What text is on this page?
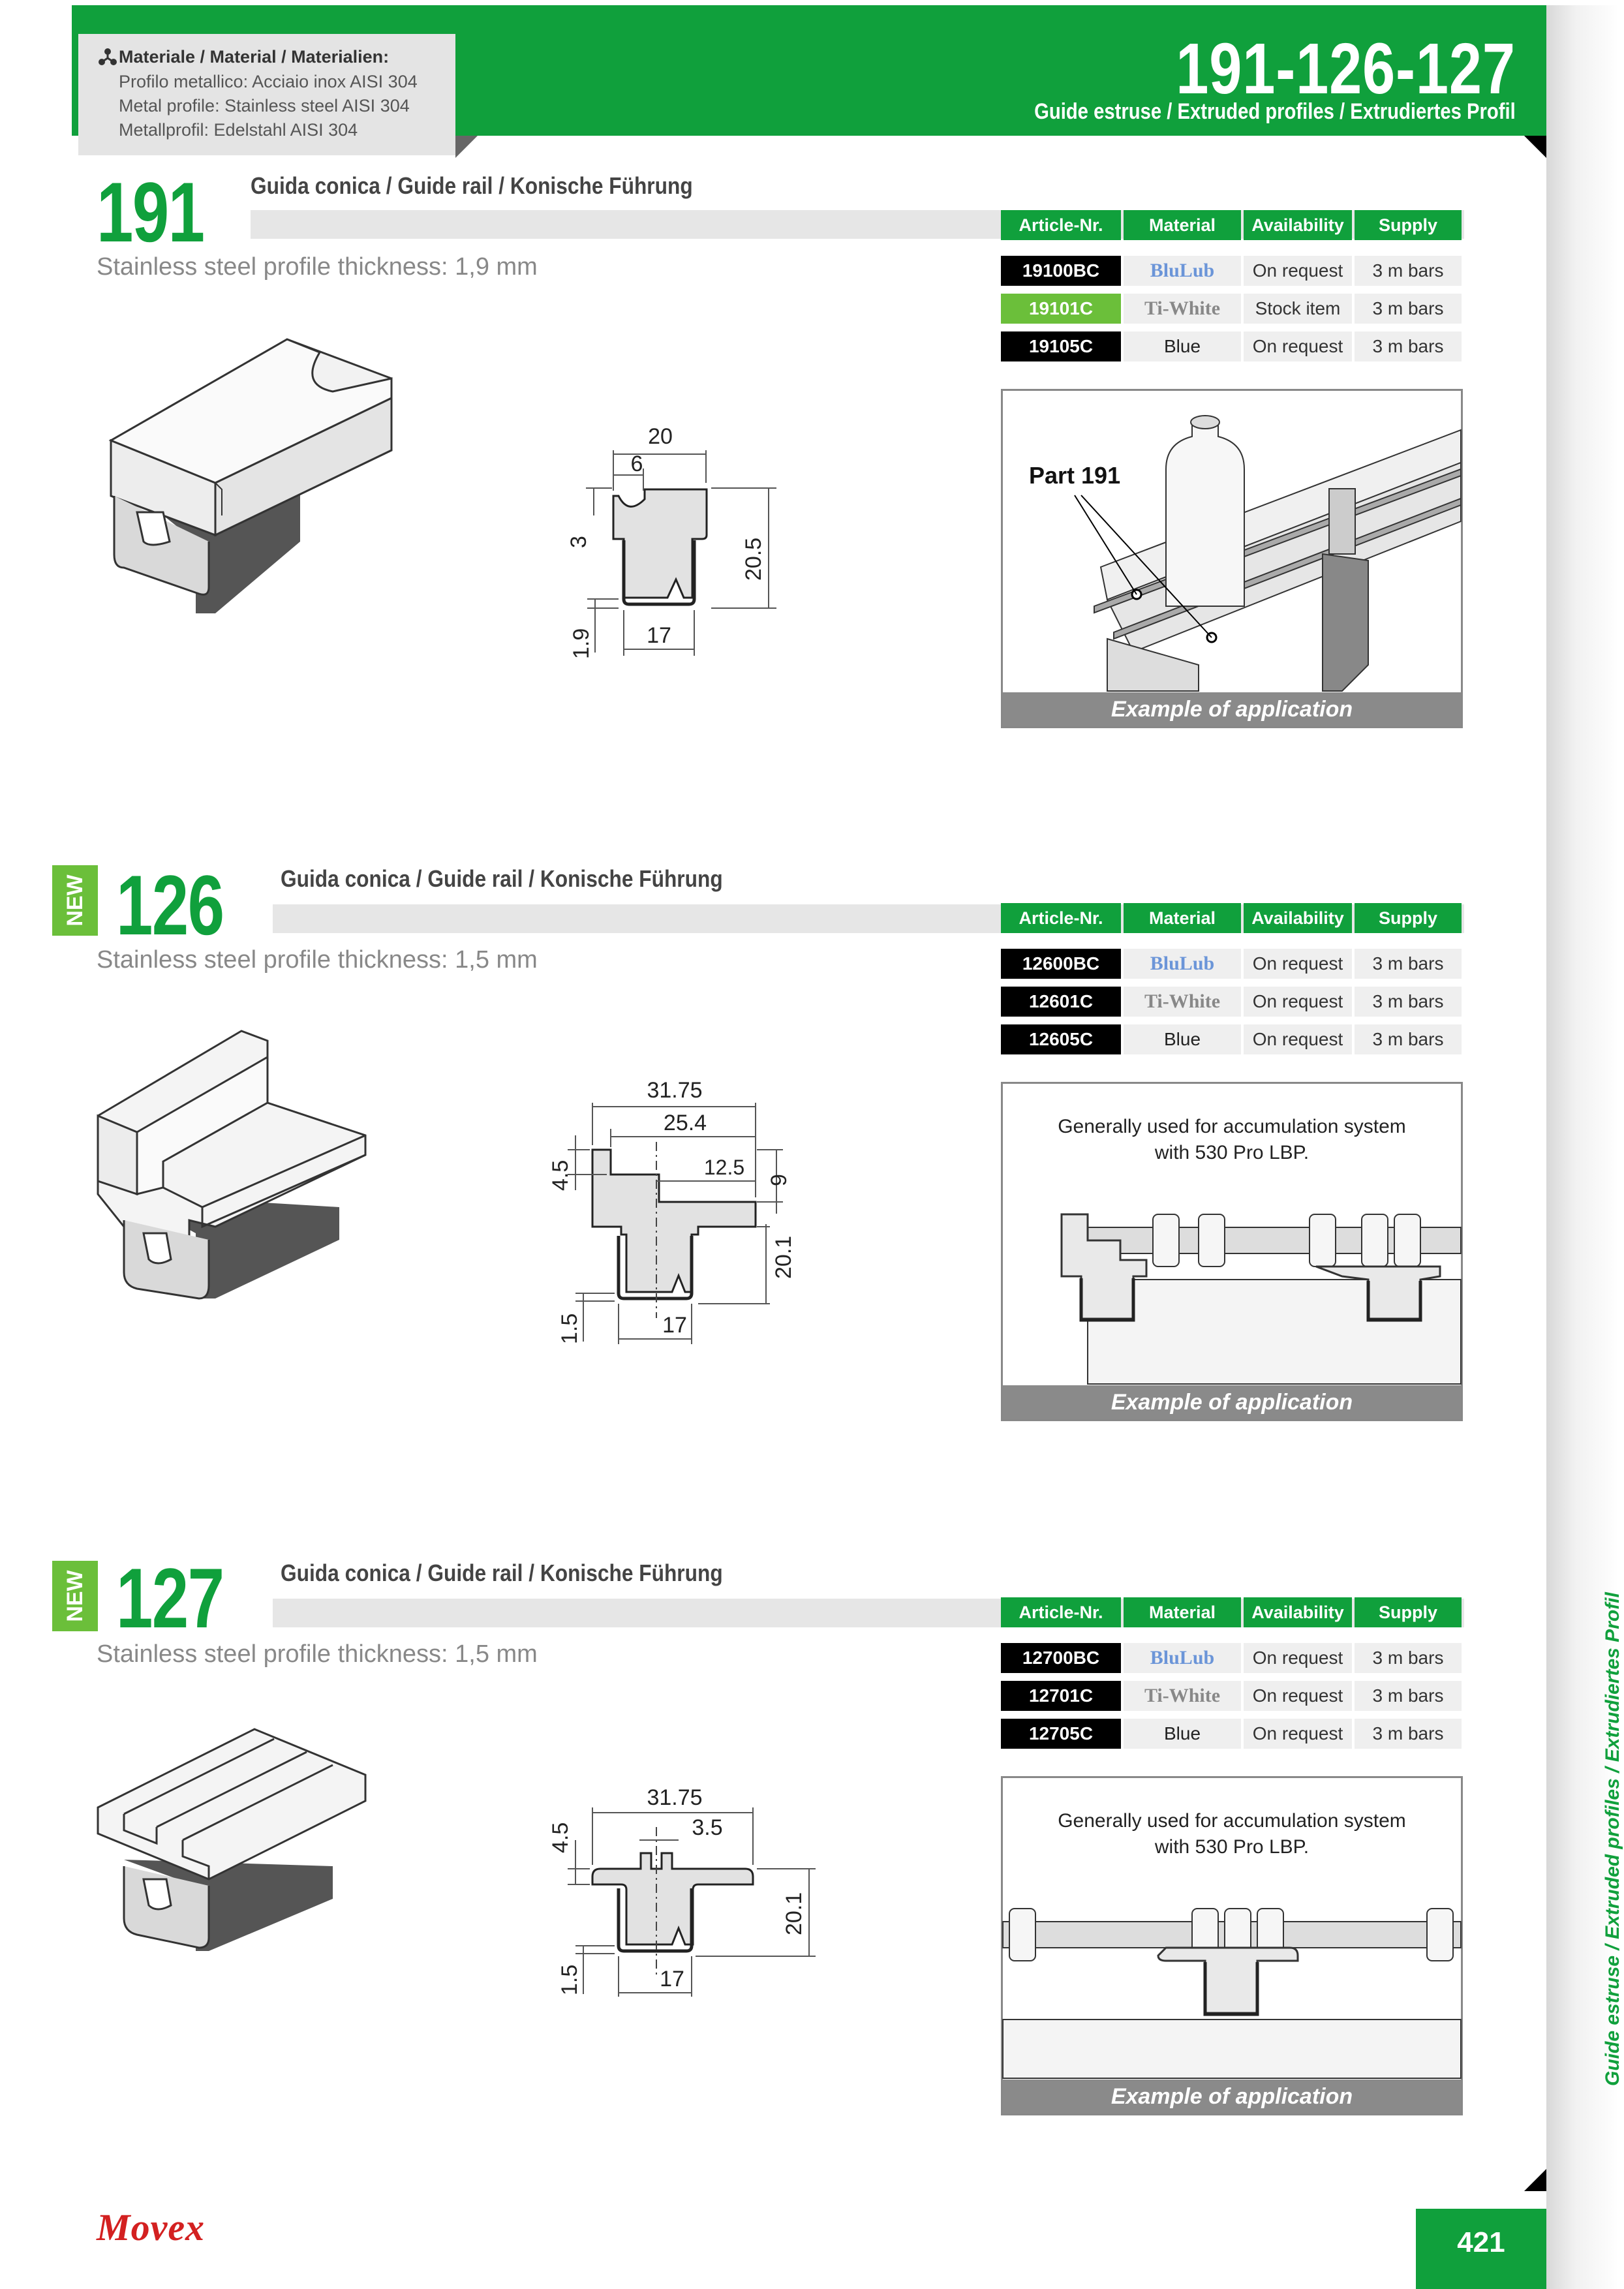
Materiale / Material / Materialien:
Profilo metallico: Acciaio inox AISI 304
Metal profile: Stainless steel AISI 304
Metallprofil: Edelstahl AISI 304
191-126-127
Guide estruse / Extruded profiles / Extrudiertes Profil
Guide estruse / Extruded profiles / Extrudiertes Profil
191 Guida conica / Guide rail / Konische Führung
Stainless steel profile thickness: 1,9 mm
Article-Nr.	Material	Availability	Supply
19100BC	BluLub	On request	3 m bars
19101C	Ti-White	Stock item	3 m bars
19105C	Blue	On request	3 m bars
20
6
3	20.5
1.9 17
Part 191
Example of application
NEW 126 Guida conica / Guide rail / Konische Führung
Stainless steel profile thickness: 1,5 mm
Article-Nr.	Material	Availability	Supply
12600BC	BluLub	On request	3 m bars
12601C	Ti-White	On request	3 m bars
12605C	Blue	On request	3 m bars
31.75
25.4
12.5
4.5	9
20.1
1.5	17
Generally used for accumulation system
with 530 Pro LBP.
Example of application
NEW 127 Guida conica / Guide rail / Konische Führung
Stainless steel profile thickness: 1,5 mm
Article-Nr.	Material	Availability	Supply
12700BC	BluLub	On request	3 m bars
12701C	Ti-White	On request	3 m bars
12705C	Blue	On request	3 m bars
31.75
3.5
4.5
20.1
1.5	17
Generally used for accumulation system
with 530 Pro LBP.
Example of application
Movex	421
